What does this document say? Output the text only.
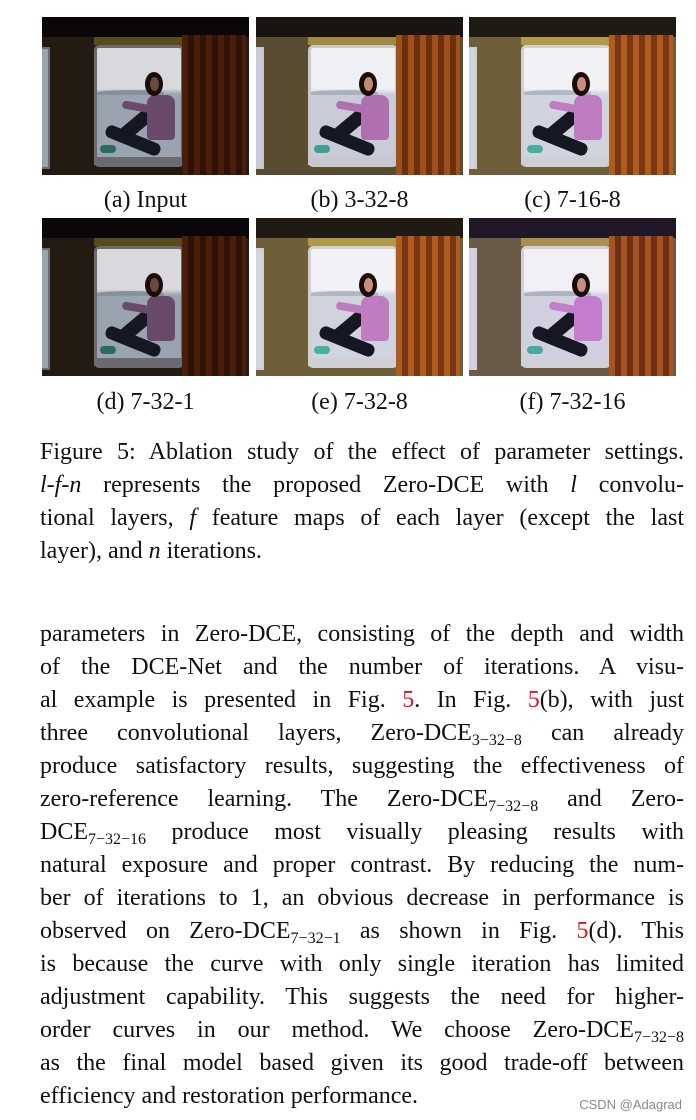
(a) Input	(b) 3-32-8	(c) 7-16-8
(d) 7-32-1	(e) 7-32-8	(f) 7-32-16
Figure 5: Ablation study of the effect of parameter settings.
l-f-n represents the proposed Zero-DCE with l convolu-
tional layers, f feature maps of each layer (except the last
layer), and n iterations.
parameters in Zero-DCE, consisting of the depth and width
of the DCE-Net and the number of iterations. A visu-
al example is presented in Fig. 5. In Fig. 5(b), with just
three convolutional layers, Zero-$DCE_{3-32-8}$ can already
produce satisfactory results, suggesting the effectiveness of
zero-reference learning. The Zero-$DCE_{7-32-8}$ and Zero-
$DCE_{7-32-16}$ produce most visually pleasing results with
natural exposure and proper contrast. By reducing the num-
ber of iterations to 1, an obvious decrease in performance is
observed on Zero-$DCE_{7-32-1}$ as shown in Fig. 5(d). This
is because the curve with only single iteration has limited
adjustment capability. This suggests the need for higher-
order curves in our method. We choose Zero-$DCE_{7-32-8}$
as the final model based given its good trade-off between
efficiency and restoration performance.	CSDN @Adagrad
